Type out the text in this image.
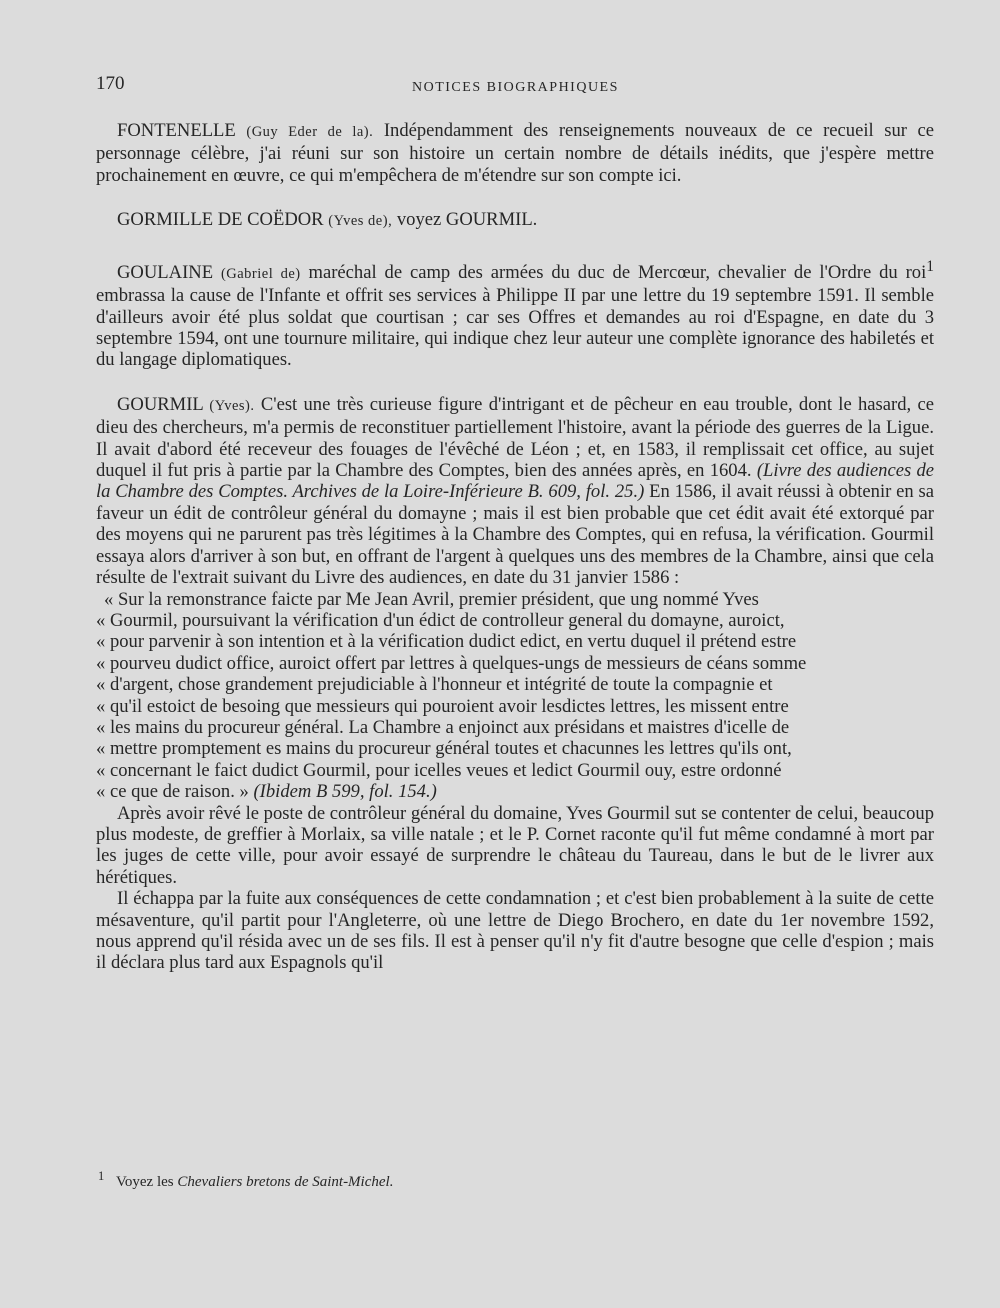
170	NOTICES BIOGRAPHIQUES

FONTENELLE (Guy Eder de la). Indépendamment des renseignements nouveaux de ce recueil sur ce personnage célèbre, j'ai réuni sur son histoire un certain nombre de détails inédits, que j'espère mettre prochainement en œuvre, ce qui m'empêchera de m'étendre sur son compte ici.

GORMILLE DE COËDOR (Yves de), voyez GOURMIL.

GOULAINE (Gabriel de) maréchal de camp des armées du duc de Mercœur, chevalier de l'Ordre du roi$^1$ embrassa la cause de l'Infante et offrit ses services à Philippe II par une lettre du 19 septembre 1591. Il semble d'ailleurs avoir été plus soldat que courtisan ; car ses Offres et demandes au roi d'Espagne, en date du 3 septembre 1594, ont une tournure militaire, qui indique chez leur auteur une complète ignorance des habiletés et du langage diplomatiques.

GOURMIL (Yves). C'est une très curieuse figure d'intrigant et de pêcheur en eau trouble, dont le hasard, ce dieu des chercheurs, m'a permis de reconstituer partiellement l'histoire, avant la période des guerres de la Ligue. Il avait d'abord été receveur des fouages de l'évêché de Léon ; et, en 1583, il remplissait cet office, au sujet duquel il fut pris à partie par la Chambre des Comptes, bien des années après, en 1604. (Livre des audiences de la Chambre des Comptes. Archives de la Loire-Inférieure B. 609, fol. 25.) En 1586, il avait réussi à obtenir en sa faveur un édit de contrôleur général du domayne ; mais il est bien probable que cet édit avait été extorqué par des moyens qui ne parurent pas très légitimes à la Chambre des Comptes, qui en refusa, la vérification. Gourmil essaya alors d'arriver à son but, en offrant de l'argent à quelques uns des membres de la Chambre, ainsi que cela résulte de l'extrait suivant du Livre des audiences, en date du 31 janvier 1586 :

« Sur la remonstrance faicte par Me Jean Avril, premier président, que ung nommé Yves

« Gourmil, poursuivant la vérification d'un édict de controlleur general du domayne, auroict,

« pour parvenir à son intention et à la vérification dudict edict, en vertu duquel il prétend estre

« pourveu dudict office, auroict offert par lettres à quelques-ungs de messieurs de céans somme

« d'argent, chose grandement prejudiciable à l'honneur et intégrité de toute la compagnie et

« qu'il estoict de besoing que messieurs qui pouroient avoir lesdictes lettres, les missent entre

« les mains du procureur général. La Chambre a enjoinct aux présidans et maistres d'icelle de

« mettre promptement es mains du procureur général toutes et chacunnes les lettres qu'ils ont,

« concernant le faict dudict Gourmil, pour icelles veues et ledict Gourmil ouy, estre ordonné

« ce que de raison. » (Ibidem B 599, fol. 154.)

Après avoir rêvé le poste de contrôleur général du domaine, Yves Gourmil sut se contenter de celui, beaucoup plus modeste, de greffier à Morlaix, sa ville natale ; et le P. Cornet raconte qu'il fut même condamné à mort par les juges de cette ville, pour avoir essayé de surprendre le château du Taureau, dans le but de le livrer aux hérétiques.

Il échappa par la fuite aux conséquences de cette condamnation ; et c'est bien probablement à la suite de cette mésaventure, qu'il partit pour l'Angleterre, où une lettre de Diego Brochero, en date du 1er novembre 1592, nous apprend qu'il résida avec un de ses fils. Il est à penser qu'il n'y fit d'autre besogne que celle d'espion ; mais il déclara plus tard aux Espagnols qu'il

$^1$ Voyez les Chevaliers bretons de Saint-Michel.
